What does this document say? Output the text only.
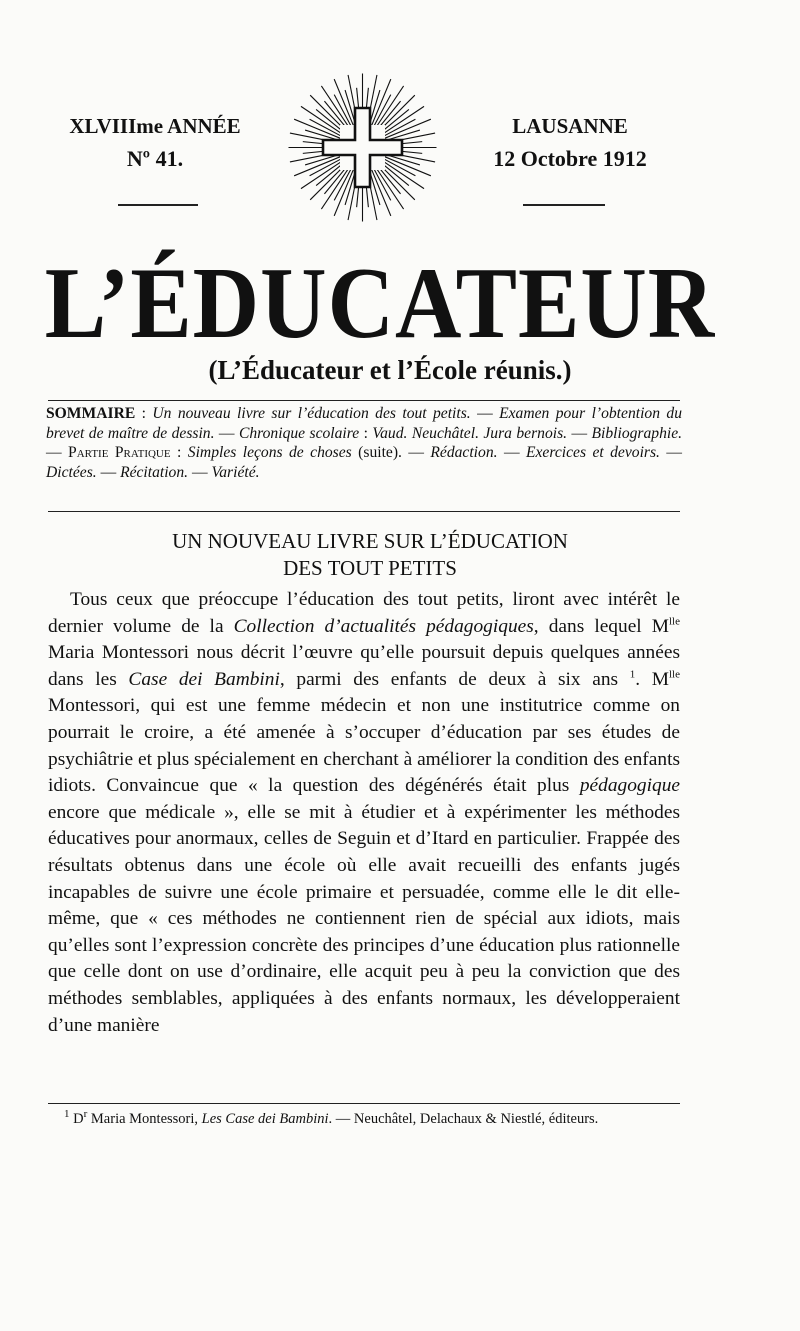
XLVIIIme ANNÉE
Nº 41.
LAUSANNE
12 Octobre 1912
L’ÉDUCATEUR
(L’Éducateur et l’École réunis.)
SOMMAIRE : Un nouveau livre sur l’éducation des tout petits. — Examen pour l’obtention du brevet de maître de dessin. — Chronique scolaire : Vaud. Neuchâtel. Jura bernois. — Bibliographie. — Partie Pratique : Simples leçons de choses (suite). — Rédaction. — Exercices et devoirs. — Dictées. — Récitation. — Variété.
UN NOUVEAU LIVRE SUR L’ÉDUCATION
DES TOUT PETITS
Tous ceux que préoccupe l’éducation des tout petits, liront avec intérêt le dernier volume de la Collection d’actualités pédagogiques, dans lequel $M^{lle}$ Maria Montessori nous décrit l’œuvre qu’elle poursuit depuis quelques années dans les Case dei Bambini, parmi des enfants de deux à six ans $^1$. $M^{lle}$ Montessori, qui est une femme médecin et non une institutrice comme on pourrait le croire, a été amenée à s’occuper d’éducation par ses études de psychiâtrie et plus spécialement en cherchant à améliorer la condition des enfants idiots. Convaincue que « la question des dégénérés était plus pédagogique encore que médicale », elle se mit à étudier et à expérimenter les méthodes éducatives pour anormaux, celles de Seguin et d’Itard en particulier. Frappée des résultats obtenus dans une école où elle avait recueilli des enfants jugés incapables de suivre une école primaire et persuadée, comme elle le dit elle-même, que « ces méthodes ne contiennent rien de spécial aux idiots, mais qu’elles sont l’expression concrète des principes d’une éducation plus rationnelle que celle dont on use d’ordinaire, elle acquit peu à peu la conviction que des méthodes semblables, appliquées à des enfants normaux, les développeraient d’une manière
$^1$ $D^r$ Maria Montessori, Les Case dei Bambini. — Neuchâtel, Delachaux & Niestlé, éditeurs.
